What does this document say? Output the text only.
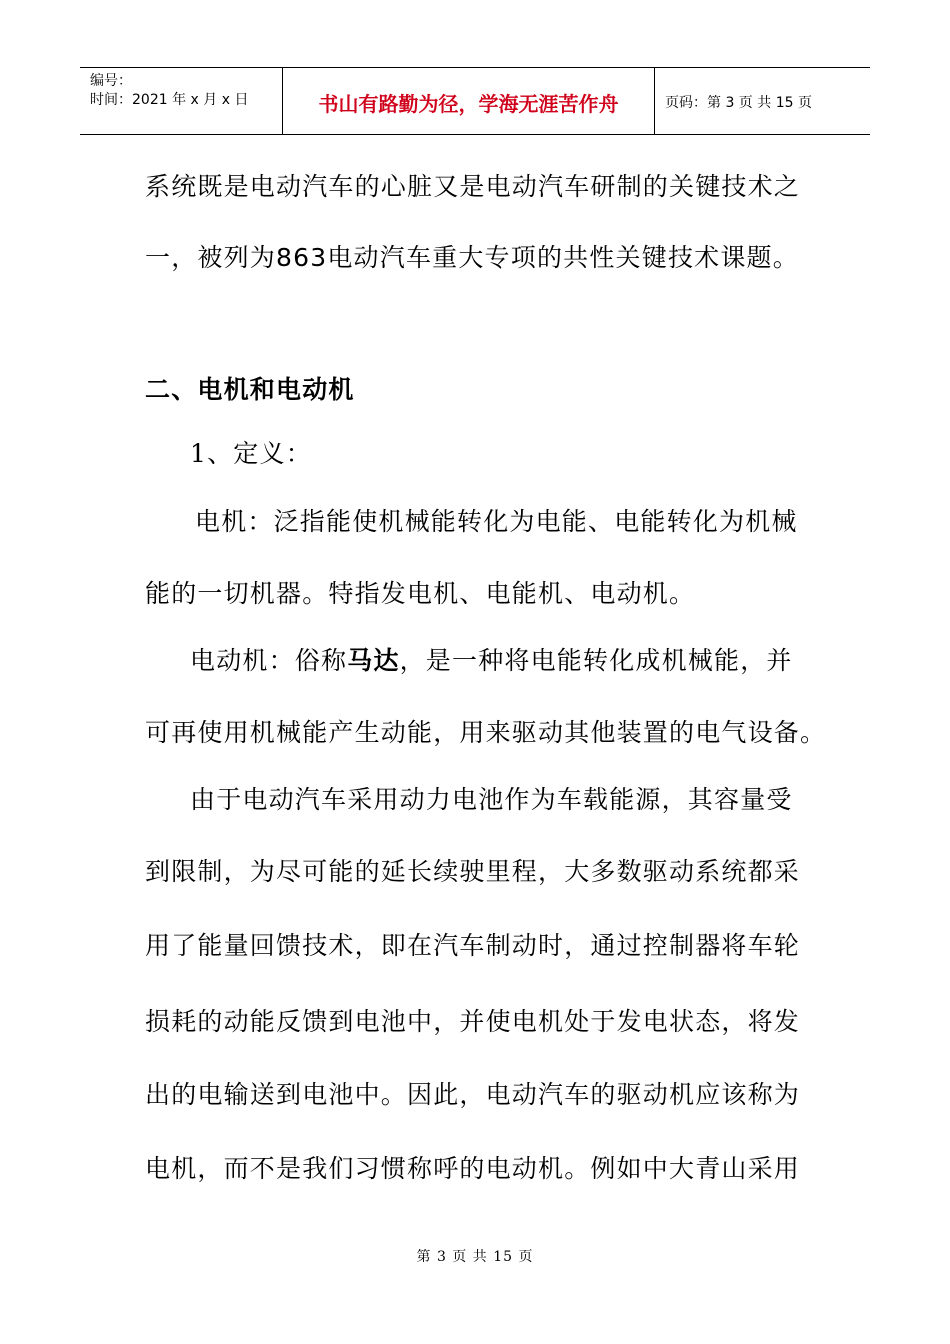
编号：
时间：2021 年 x 月 x 日	书山有路勤为径，学海无涯苦作舟	页码：第 3 页 共 15 页
系统既是电动汽车的心脏又是电动汽车研制的关键技术之
一，被列为863电动汽车重大专项的共性关键技术课题。
二、电机和电动机
1、定义：
电机：泛指能使机械能转化为电能、电能转化为机械
能的一切机器。特指发电机、电能机、电动机。
电动机：俗称马达，是一种将电能转化成机械能，并
可再使用机械能产生动能，用来驱动其他装置的电气设备。
由于电动汽车采用动力电池作为车载能源，其容量受
到限制，为尽可能的延长续驶里程，大多数驱动系统都采
用了能量回馈技术，即在汽车制动时，通过控制器将车轮
损耗的动能反馈到电池中，并使电机处于发电状态，将发
出的电输送到电池中。因此，电动汽车的驱动机应该称为
电机，而不是我们习惯称呼的电动机。例如中大青山采用
第 3 页 共 15 页
